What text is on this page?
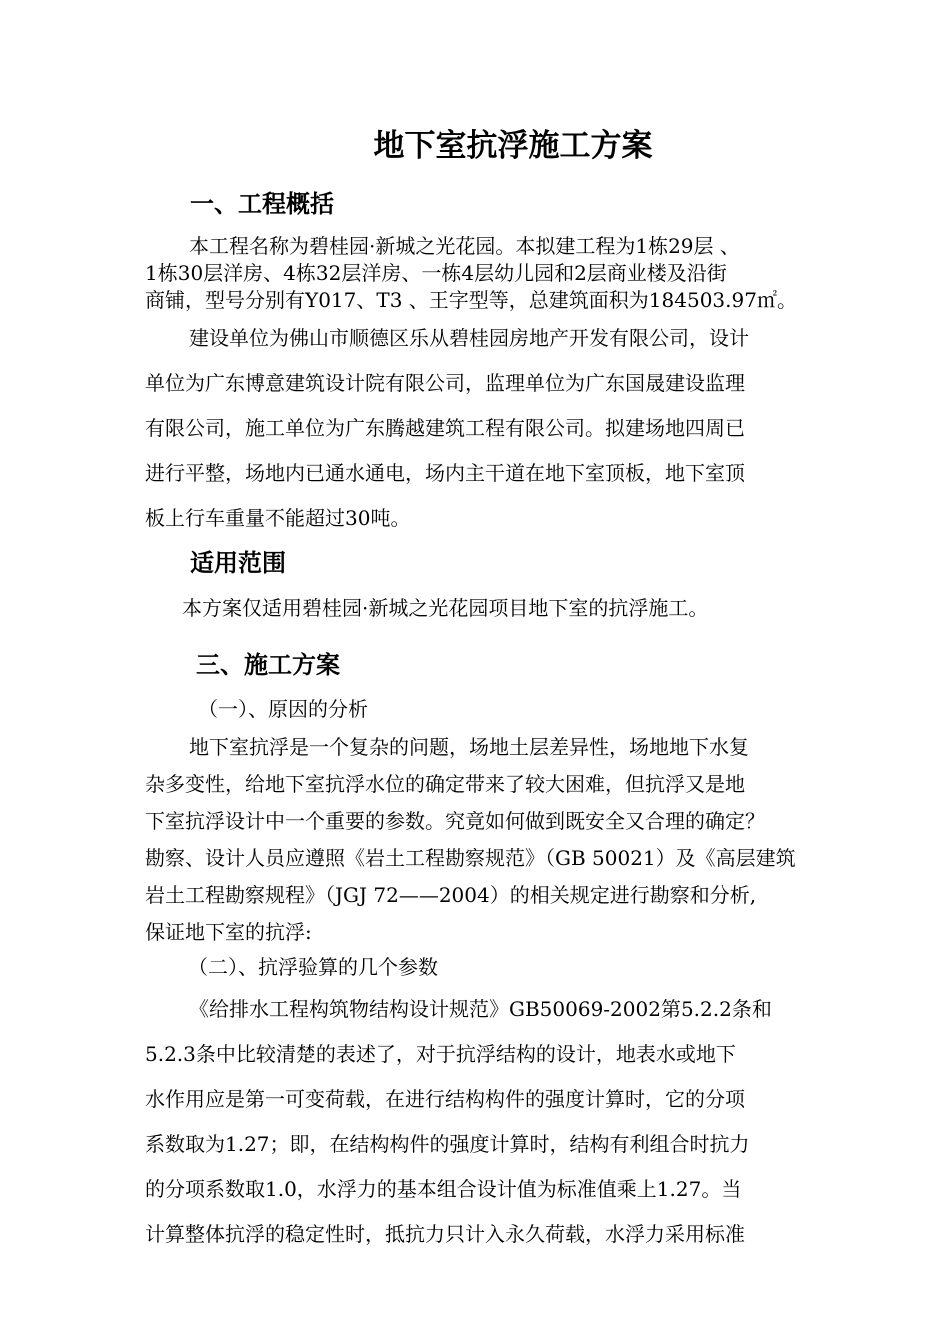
地下室抗浮施工方案
一、工程概括
本工程名称为碧桂园·新城之光花园。本拟建工程为1栋29层 、
1栋30层洋房、4栋32层洋房、一栋4层幼儿园和2层商业楼及沿街
商铺，型号分别有Y017、T3 、王字型等，总建筑面积为184503.97㎡。
建设单位为佛山市顺德区乐从碧桂园房地产开发有限公司，设计
单位为广东博意建筑设计院有限公司，监理单位为广东国晟建设监理
有限公司，施工单位为广东腾越建筑工程有限公司。拟建场地四周已
进行平整，场地内已通水通电，场内主干道在地下室顶板，地下室顶
板上行车重量不能超过30吨。
适用范围
本方案仅适用碧桂园·新城之光花园项目地下室的抗浮施工。
三、施工方案
（一）、原因的分析
地下室抗浮是一个复杂的问题，场地土层差异性，场地地下水复
杂多变性，给地下室抗浮水位的确定带来了较大困难，但抗浮又是地
下室抗浮设计中一个重要的参数。究竟如何做到既安全又合理的确定？
勘察、设计人员应遵照《岩土工程勘察规范》（GB 50021）及《高层建筑
岩土工程勘察规程》（JGJ 72——2004）的相关规定进行勘察和分析,
保证地下室的抗浮:
（二）、抗浮验算的几个参数
《给排水工程构筑物结构设计规范》GB50069-2002第5.2.2条和
5.2.3条中比较清楚的表述了，对于抗浮结构的设计，地表水或地下
水作用应是第一可变荷载，在进行结构构件的强度计算时，它的分项
系数取为1.27；即，在结构构件的强度计算时，结构有利组合时抗力
的分项系数取1.0，水浮力的基本组合设计值为标准值乘上1.27。当
计算整体抗浮的稳定性时，抵抗力只计入永久荷载，水浮力采用标准
